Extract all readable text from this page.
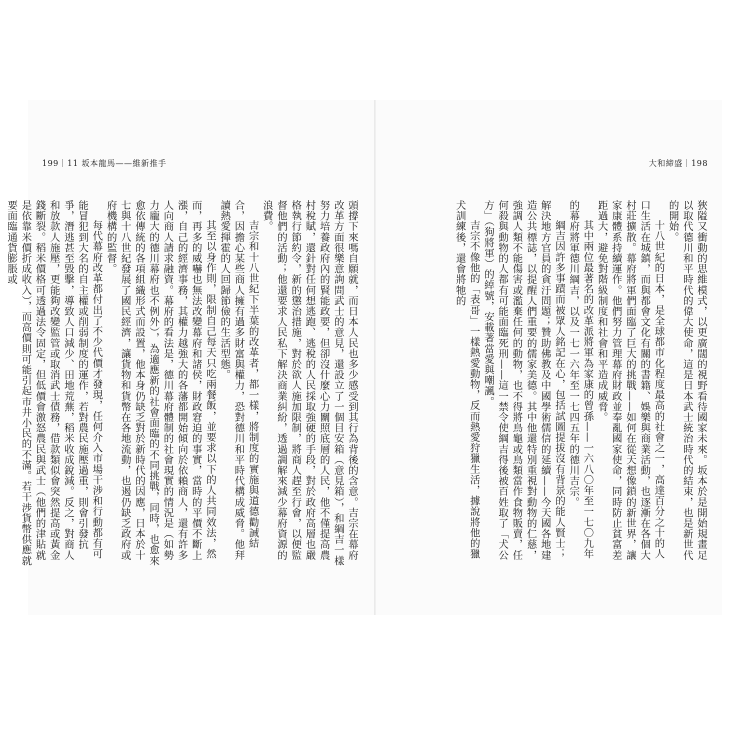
199｜11 坂本龍馬——維新推手

頭撐下來嗎自願就，而日本人民也多少感受到其行為背後的含意。吉宗在幕府改革方面很樂意詢問武士的意見，還設立了一個目安箱（意見箱），和綱吉一樣努力培養政府內的賢能政要，但卻沒什麼心力關照底層的人民，他不僅提高農村稅賦，還針對任何想逃跑、逃稅的人民採取強硬的手段，對於政府高層也嚴格執行節約令，新的懲治措施，對於欲人施加限制，將商人趕至行會，以便監督他們的活動；他還要求人民私下解決商業糾紛，透過調解來減少幕府資源的浪費。

吉宗和十八世紀下半葉的改革者，都一樣，將制度的實施與道德勸誡結合，因擔心某些商人擁有過多財富與權力，恐對德川和平時代構成威脅。他拜讀熱愛揮霍的人回歸節儉的生活型態。

其至以身作則，限制自己每天只吃兩餐飯，並要求以下的人共同效法，然而，再多的威嚇也無法改變幕府和諸侯，財政窘迫的事實，當時的平價不斷上漲，自己的經濟事務，其權力越強大的各藩都開始傾向於依賴商人，還有許多人向商人請求融資。幕府的看法是，德川幕府體制的社會現實的情況是（如勢力龐大的德川幕府也不例外），為適應新的社會面臨的不同挑戰，同時，也愈來愈依傳統的各項組織形式而設置，他本身仍缺乏對於新時代的因應，日本於十七與十八世紀發展了國民經濟，讓貨物和貨幣在各地流動，也遏仍缺乏政府或府機構的監督。

每代幕府改革都付出了不少代價才發現，任何介入市場干涉和行動都有可能冒犯到大名的自主權或削弱制度的運作，若對農民施壓過重，則會引發抗爭，潛逃甚至毀擊，導致人口減少、田地荒蕪，稻米收成銳減。反之，對商人和放款人施壓，更能夠改變監管或取消武士債務，借款類似會突然提高或黃金錢斷裂。稻米價格可透過法令固定，但低價會激怒農民與武士（他們的津貼就是依靠米價折成收入），而高價則可能引起市井小民的不滿。若干涉貨幣供應就要面臨通貨膨脹或

大和締盛｜198

狹隘又衝動的思維模式，以更廣闊的視野看待國家未來。坂本於是開始規畫足以取代德川和平時代的偉大使命，這是日本武士統治時代的結束，也是新世代的開始。

十八世紀的日本，是全球都市化程度最高的社會之一，高達百分之十的人口生活在城鎮，而與都會文化有關的書籍、娛樂與商業活動，也逐漸在各個大村莊擴散。幕府將軍們面臨了巨大的挑戰——如何在從天想像鎖的新世界，讓家康體系持續運作。他們努力管理幕府財政並奉亂國家使命，同時防止貧富差距過大，避免對階級制度和社會和平造成威脅。

其中兩位最著名的改革派將軍為家康的曾孫——一六八〇年至一七〇九年的幕府將軍德川綱吉，以及一七一六年至一七四五年的德川吉宗。

綱吉因許多事蹟而被眾人銘記在心，包括試圖提拔沒有背景的能人賢士；解決地方官員的貪汙問題；贊助佛教及中國學術儒信的延續——今天國各地建造公共標誌，以提醒人們重要的儒家美德。其中他還特別重視對動物的仁慈，強調人類不能傷害或濫棄任何的動物，也不得將鳥龜或鳥類當作食物販賣，任何殺與動物的人都有可能面臨死刑——這一禁令使綱吉得後被百姓取了「犬公方」（狗將軍）的綽號，安載著當愛與嘲諷。

吉宗不像他的「表哥」一樣熱愛動物，反而熱愛狩獵生活，據說將他的獵犬訓練後，還會將牠的
